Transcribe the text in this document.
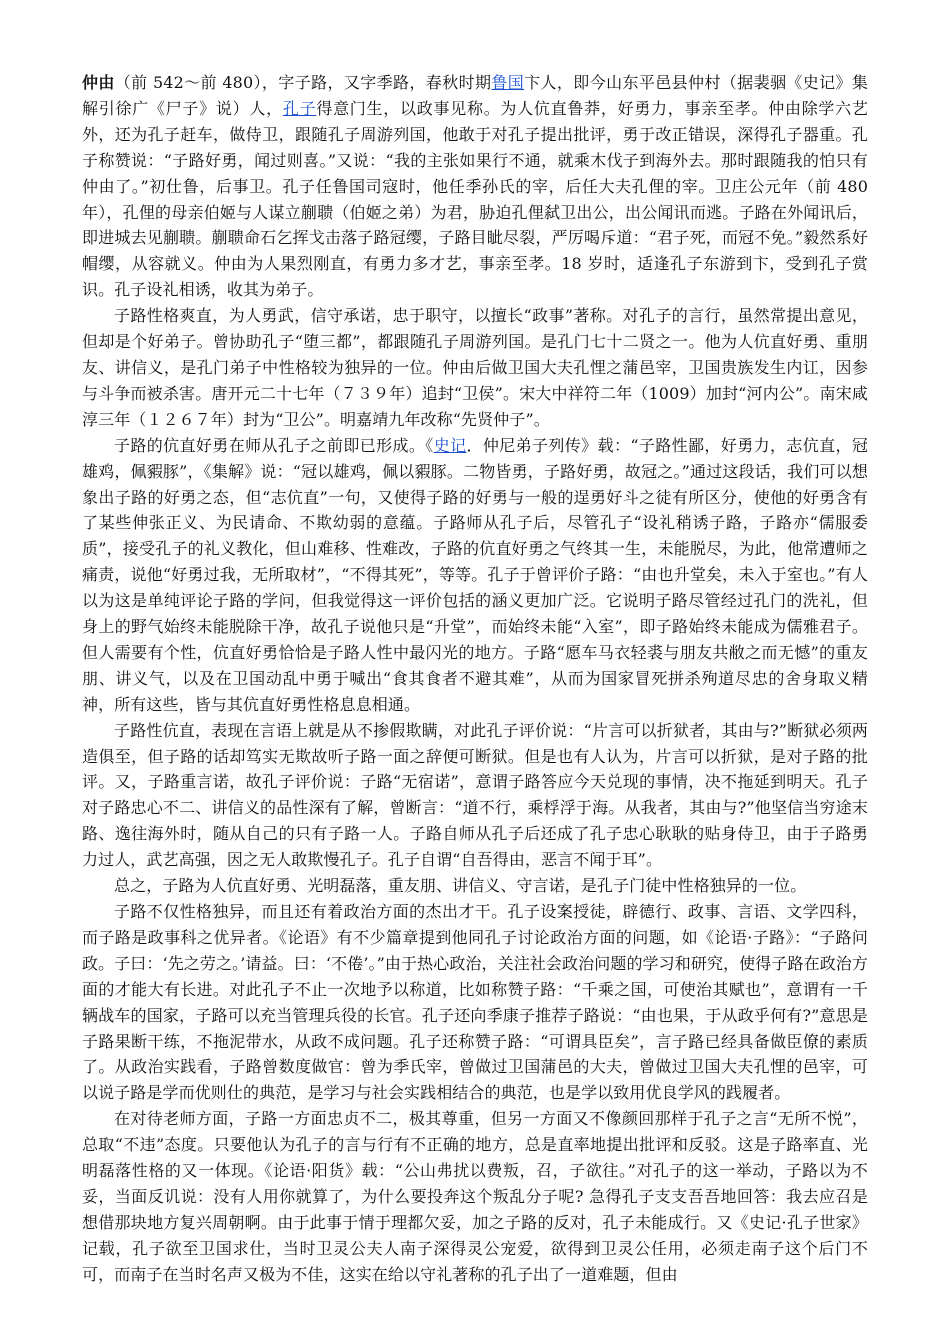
仲由（前 542～前 480），字子路，又字季路，春秋时期鲁国卞人，即今山东平邑县仲村（据裴骃《史记》集解引徐广《尸子》说）人，孔子得意门生，以政事见称。为人伉直鲁莽，好勇力，事亲至孝。仲由除学六艺外，还为孔子赶车，做侍卫，跟随孔子周游列国，他敢于对孔子提出批评，勇于改正错误，深得孔子器重。孔子称赞说：“子路好勇，闻过则喜。”又说：“我的主张如果行不通，就乘木伐子到海外去。那时跟随我的怕只有仲由了。”初仕鲁，后事卫。孔子任鲁国司寇时，他任季孙氏的宰，后任大夫孔俚的宰。卫庄公元年（前 480 年），孔俚的母亲伯姬与人谋立蒯聩（伯姬之弟）为君，胁迫孔俚弑卫出公，出公闻讯而逃。子路在外闻讯后，即进城去见蒯聩。蒯聩命石乞挥戈击落子路冠缨，子路目眦尽裂，严厉喝斥道：“君子死，而冠不免。”毅然系好帽缨，从容就义。仲由为人果烈刚直，有勇力多才艺，事亲至孝。18 岁时，适逢孔子东游到卞，受到孔子赏识。孔子设礼相诱，收其为弟子。

子路性格爽直，为人勇武，信守承诺，忠于职守，以擅长“政事”著称。对孔子的言行，虽然常提出意见，但却是个好弟子。曾协助孔子“堕三都”，都跟随孔子周游列国。是孔门七十二贤之一。他为人伉直好勇、重朋友、讲信义，是孔门弟子中性格较为独异的一位。仲由后做卫国大夫孔悝之蒲邑宰，卫国贵族发生内讧，因参与斗争而被杀害。唐开元二十七年（７３９年）追封“卫侯”。宋大中祥符二年（1009）加封“河内公”。南宋咸淳三年（１２６７年）封为“卫公”。明嘉靖九年改称“先贤仲子”。

子路的伉直好勇在师从孔子之前即已形成。《史记．仲尼弟子列传》载：“子路性鄙，好勇力，志伉直，冠雄鸡，佩豭豚”，《集解》说：“冠以雄鸡，佩以豭豚。二物皆勇，子路好勇，故冠之。”通过这段话，我们可以想象出子路的好勇之态，但“志伉直”一句，又使得子路的好勇与一般的逞勇好斗之徒有所区分，使他的好勇含有了某些伸张正义、为民请命、不欺幼弱的意蕴。子路师从孔子后，尽管孔子“设礼稍诱子路，子路亦“儒服委质”，接受孔子的礼义教化，但山难移、性难改，子路的伉直好勇之气终其一生，未能脱尽，为此，他常遭师之痛责，说他“好勇过我，无所取材”，“不得其死”，等等。孔子于曾评价子路：“由也升堂矣，未入于室也。”有人以为这是单纯评论子路的学问，但我觉得这一评价包括的涵义更加广泛。它说明子路尽管经过孔门的洗礼，但身上的野气始终未能脱除干净，故孔子说他只是“升堂”，而始终未能“入室”，即子路始终未能成为儒雅君子。但人需要有个性，伉直好勇恰恰是子路人性中最闪光的地方。子路“愿车马衣轻裘与朋友共敝之而无憾”的重友朋、讲义气，以及在卫国动乱中勇于喊出“食其食者不避其难”，从而为国家冒死拼杀殉道尽忠的舍身取义精神，所有这些，皆与其伉直好勇性格息息相通。

子路性伉直，表现在言语上就是从不掺假欺瞒，对此孔子评价说：“片言可以折狱者，其由与?”断狱必须两造俱至，但子路的话却笃实无欺故听子路一面之辞便可断狱。但是也有人认为，片言可以折狱，是对子路的批评。又，子路重言诺，故孔子评价说：子路“无宿诺”，意谓子路答应今天兑现的事情，决不拖延到明天。孔子对子路忠心不二、讲信义的品性深有了解，曾断言：“道不行，乘桴浮于海。从我者，其由与?”他坚信当穷途末路、逸往海外时，随从自己的只有子路一人。子路自师从孔子后还成了孔子忠心耿耿的贴身侍卫，由于子路勇力过人，武艺高强，因之无人敢欺慢孔子。孔子自谓“自吾得由，恶言不闻于耳”。

总之，子路为人伉直好勇、光明磊落，重友朋、讲信义、守言诺，是孔子门徒中性格独异的一位。

子路不仅性格独异，而且还有着政治方面的杰出才干。孔子设案授徒，辟德行、政事、言语、文学四科，而子路是政事科之优异者。《论语》有不少篇章提到他同孔子讨论政治方面的问题，如《论语·子路》：“子路问政。子曰：‘先之劳之。’请益。曰：‘不倦’。”由于热心政治，关注社会政治问题的学习和研究，使得子路在政治方面的才能大有长进。对此孔子不止一次地予以称道，比如称赞子路：“千乘之国，可使治其赋也”，意谓有一千辆战车的国家，子路可以充当管理兵役的长官。孔子还向季康子推荐子路说：“由也果，于从政乎何有?”意思是子路果断干练，不拖泥带水，从政不成问题。孔子还称赞子路：“可谓具臣矣”，言子路已经具备做臣僚的素质了。从政治实践看，子路曾数度做官：曾为季氏宰，曾做过卫国蒲邑的大夫，曾做过卫国大夫孔悝的邑宰，可以说子路是学而优则仕的典范，是学习与社会实践相结合的典范，也是学以致用优良学风的践履者。

在对待老师方面，子路一方面忠贞不二，极其尊重，但另一方面又不像颜回那样于孔子之言“无所不悦”，总取“不违”态度。只要他认为孔子的言与行有不正确的地方，总是直率地提出批评和反驳。这是子路率直、光明磊落性格的又一体现。《论语·阳货》载：“公山弗扰以费叛，召，子欲往。”对孔子的这一举动，子路以为不妥，当面反讥说：没有人用你就算了，为什么要投奔这个叛乱分子呢? 急得孔子支支吾吾地回答：我去应召是想借那块地方复兴周朝啊。由于此事于情于理都欠妥，加之子路的反对，孔子未能成行。又《史记·孔子世家》记载，孔子欲至卫国求仕，当时卫灵公夫人南子深得灵公宠爱，欲得到卫灵公任用，必须走南子这个后门不可，而南子在当时名声又极为不佳，这实在给以守礼著称的孔子出了一道难题，但由
